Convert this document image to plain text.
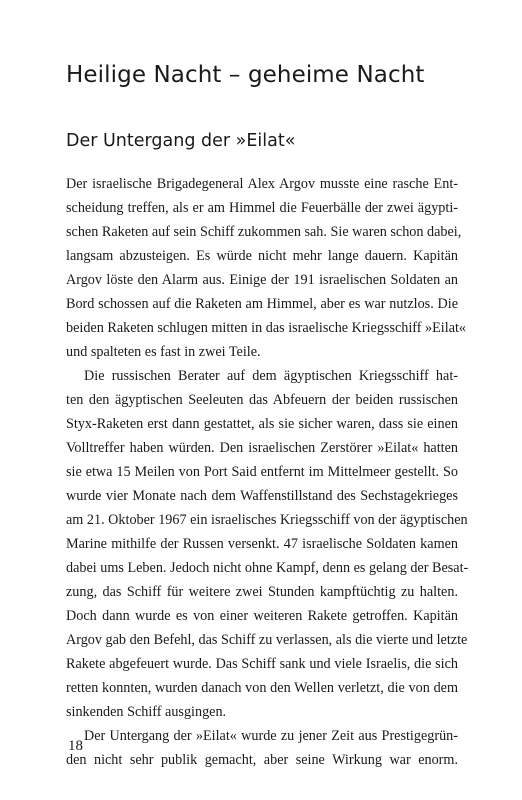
Heilige Nacht – geheime Nacht
Der Untergang der »Eilat«
Der israelische Brigadegeneral Alex Argov musste eine rasche Ent-
scheidung treffen, als er am Himmel die Feuerbälle der zwei ägypti-
schen Raketen auf sein Schiff zukommen sah. Sie waren schon dabei,
langsam abzusteigen. Es würde nicht mehr lange dauern. Kapitän
Argov löste den Alarm aus. Einige der 191 israelischen Soldaten an
Bord schossen auf die Raketen am Himmel, aber es war nutzlos. Die
beiden Raketen schlugen mitten in das israelische Kriegsschiff »Eilat«
und spalteten es fast in zwei Teile.
Die russischen Berater auf dem ägyptischen Kriegsschiff hat-
ten den ägyptischen Seeleuten das Abfeuern der beiden russischen
Styx-Raketen erst dann gestattet, als sie sicher waren, dass sie einen
Volltreffer haben würden. Den israelischen Zerstörer »Eilat« hatten
sie etwa 15 Meilen von Port Said entfernt im Mittelmeer gestellt. So
wurde vier Monate nach dem Waffenstillstand des Sechstagekrieges
am 21. Oktober 1967 ein israelisches Kriegsschiff von der ägyptischen
Marine mithilfe der Russen versenkt. 47 israelische Soldaten kamen
dabei ums Leben. Jedoch nicht ohne Kampf, denn es gelang der Besat-
zung, das Schiff für weitere zwei Stunden kampftüchtig zu halten.
Doch dann wurde es von einer weiteren Rakete getroffen. Kapitän
Argov gab den Befehl, das Schiff zu verlassen, als die vierte und letzte
Rakete abgefeuert wurde. Das Schiff sank und viele Israelis, die sich
retten konnten, wurden danach von den Wellen verletzt, die von dem
sinkenden Schiff ausgingen.
Der Untergang der »Eilat« wurde zu jener Zeit aus Prestigegrün-
den nicht sehr publik gemacht, aber seine Wirkung war enorm.
18
